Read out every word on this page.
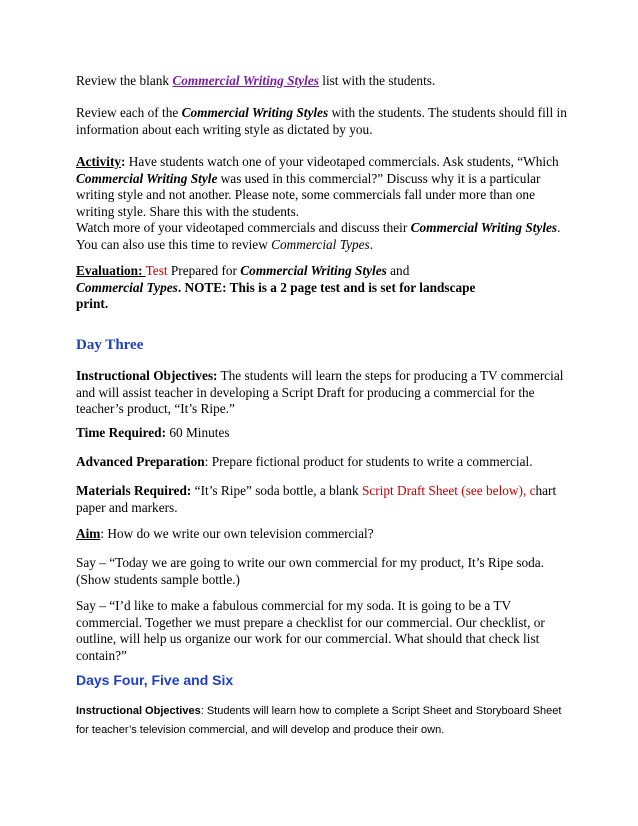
Review the blank Commercial Writing Styles list with the students.

Review each of the Commercial Writing Styles with the students. The students should fill in information about each writing style as dictated by you.

Activity: Have students watch one of your videotaped commercials. Ask students, “Which Commercial Writing Style was used in this commercial?” Discuss why it is a particular writing style and not another. Please note, some commercials fall under more than one writing style. Share this with the students.

Watch more of your videotaped commercials and discuss their Commercial Writing Styles. You can also use this time to review Commercial Types.

Evaluation: Test Prepared for Commercial Writing Styles and Commercial Types. NOTE: This is a 2 page test and is set for landscape print.

Day Three

Instructional Objectives: The students will learn the steps for producing a TV commercial and will assist teacher in developing a Script Draft for producing a commercial for the teacher’s product, “It’s Ripe.”

Time Required: 60 Minutes

Advanced Preparation: Prepare fictional product for students to write a commercial.

Materials Required: “It’s Ripe” soda bottle, a blank Script Draft Sheet (see below), chart paper and markers.

Aim: How do we write our own television commercial?

Say – “Today we are going to write our own commercial for my product, It’s Ripe soda. (Show students sample bottle.)

Say – “I’d like to make a fabulous commercial for my soda. It is going to be a TV commercial. Together we must prepare a checklist for our commercial. Our checklist, or outline, will help us organize our work for our commercial. What should that check list contain?”

Days Four, Five and Six

Instructional Objectives: Students will learn how to complete a Script Sheet and Storyboard Sheet for teacher’s television commercial, and will develop and produce their own.
